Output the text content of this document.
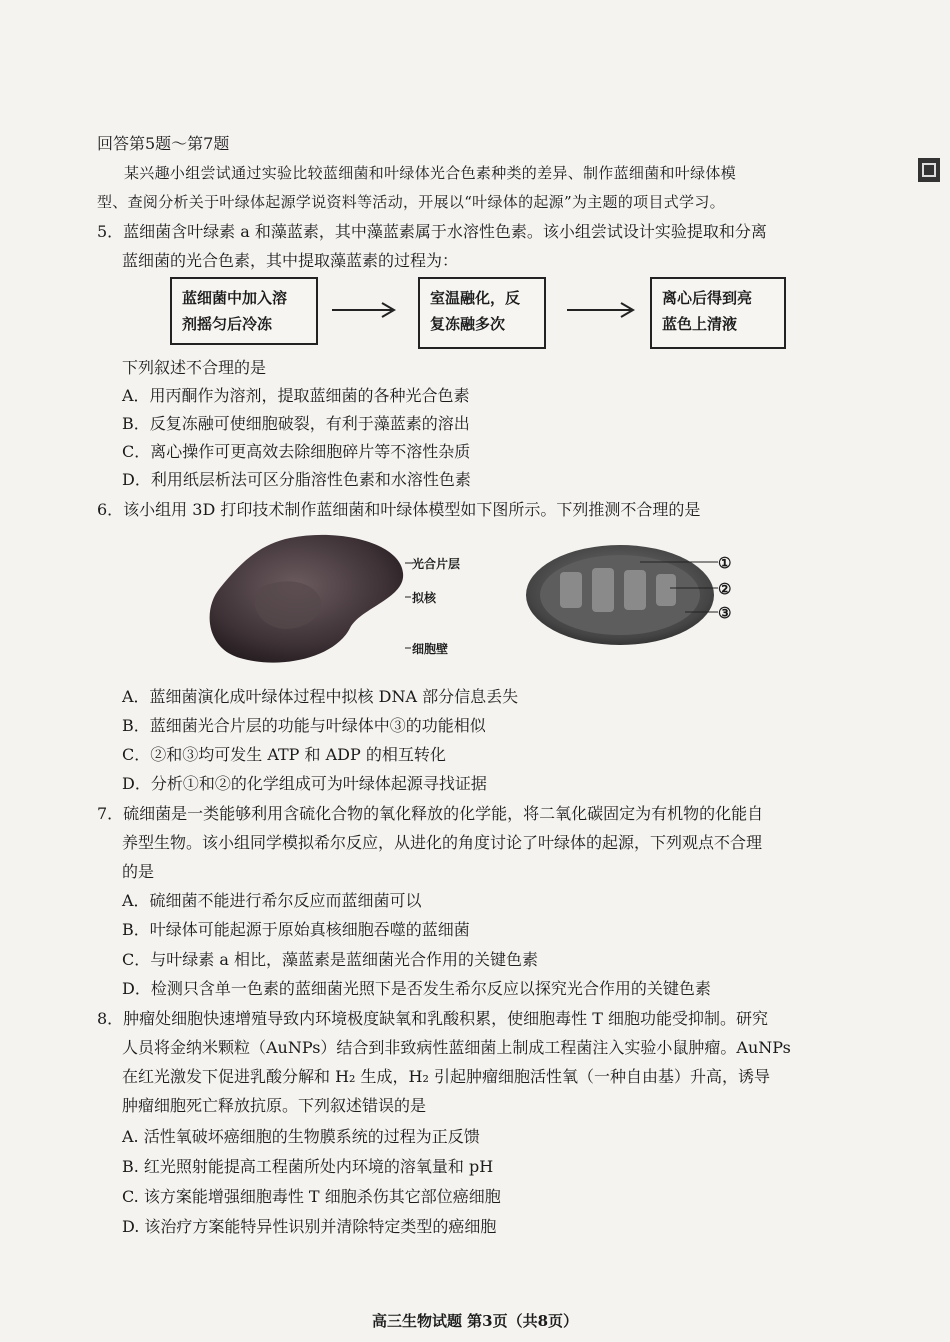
回答第5题～第7题
某兴趣小组尝试通过实验比较蓝细菌和叶绿体光合色素种类的差异、制作蓝细菌和叶绿体模
型、查阅分析关于叶绿体起源学说资料等活动，开展以“叶绿体的起源”为主题的项目式学习。
5．蓝细菌含叶绿素 a 和藻蓝素，其中藻蓝素属于水溶性色素。该小组尝试设计实验提取和分离
蓝细菌的光合色素，其中提取藻蓝素的过程为：
蓝细菌中加入溶
剂摇匀后冷冻
室温融化，反
复冻融多次
离心后得到亮
蓝色上清液
下列叙述不合理的是
A．用丙酮作为溶剂，提取蓝细菌的各种光合色素
B．反复冻融可使细胞破裂，有利于藻蓝素的溶出
C．离心操作可更高效去除细胞碎片等不溶性杂质
D．利用纸层析法可区分脂溶性色素和水溶性色素
6．该小组用 3D 打印技术制作蓝细菌和叶绿体模型如下图所示。下列推测不合理的是
光合片层
拟核
细胞壁
①
②
③
A．蓝细菌演化成叶绿体过程中拟核 DNA 部分信息丢失
B．蓝细菌光合片层的功能与叶绿体中③的功能相似
C．②和③均可发生 ATP 和 ADP 的相互转化
D．分析①和②的化学组成可为叶绿体起源寻找证据
7．硫细菌是一类能够利用含硫化合物的氧化释放的化学能，将二氧化碳固定为有机物的化能自
养型生物。该小组同学模拟希尔反应，从进化的角度讨论了叶绿体的起源，下列观点不合理
的是
A．硫细菌不能进行希尔反应而蓝细菌可以
B．叶绿体可能起源于原始真核细胞吞噬的蓝细菌
C．与叶绿素 a 相比，藻蓝素是蓝细菌光合作用的关键色素
D．检测只含单一色素的蓝细菌光照下是否发生希尔反应以探究光合作用的关键色素
8．肿瘤处细胞快速增殖导致内环境极度缺氧和乳酸积累，使细胞毒性 T 细胞功能受抑制。研究
人员将金纳米颗粒（AuNPs）结合到非致病性蓝细菌上制成工程菌注入实验小鼠肿瘤。AuNPs
在红光激发下促进乳酸分解和 H₂ 生成，H₂ 引起肿瘤细胞活性氧（一种自由基）升高，诱导
肿瘤细胞死亡释放抗原。下列叙述错误的是
A. 活性氧破坏癌细胞的生物膜系统的过程为正反馈
B. 红光照射能提高工程菌所处内环境的溶氧量和 pH
C. 该方案能增强细胞毒性 T 细胞杀伤其它部位癌细胞
D. 该治疗方案能特异性识别并清除特定类型的癌细胞
高三生物试题 第3页（共8页）
